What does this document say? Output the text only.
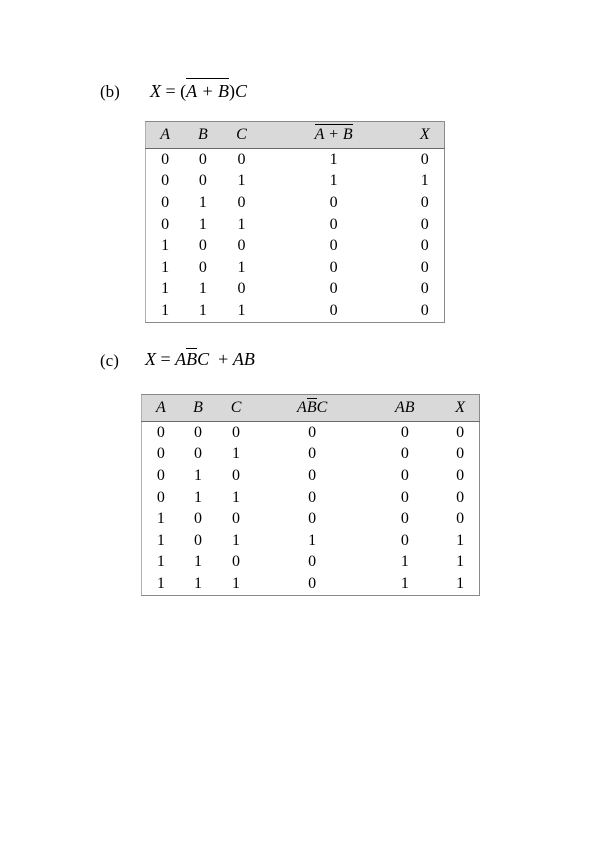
(b) X = (A + B)C
A	B	C	A + B	X
0	0	0	1	0
0	0	1	1	1
0	1	0	0	0
0	1	1	0	0
1	0	0	0	0
1	0	1	0	0
1	1	0	0	0
1	1	1	0	0
(c) X = ABC + AB
A	B	C	ABC	AB	X
0	0	0	0	0	0
0	0	1	0	0	0
0	1	0	0	0	0
0	1	1	0	0	0
1	0	0	0	0	0
1	0	1	1	0	1
1	1	0	0	1	1
1	1	1	0	1	1
